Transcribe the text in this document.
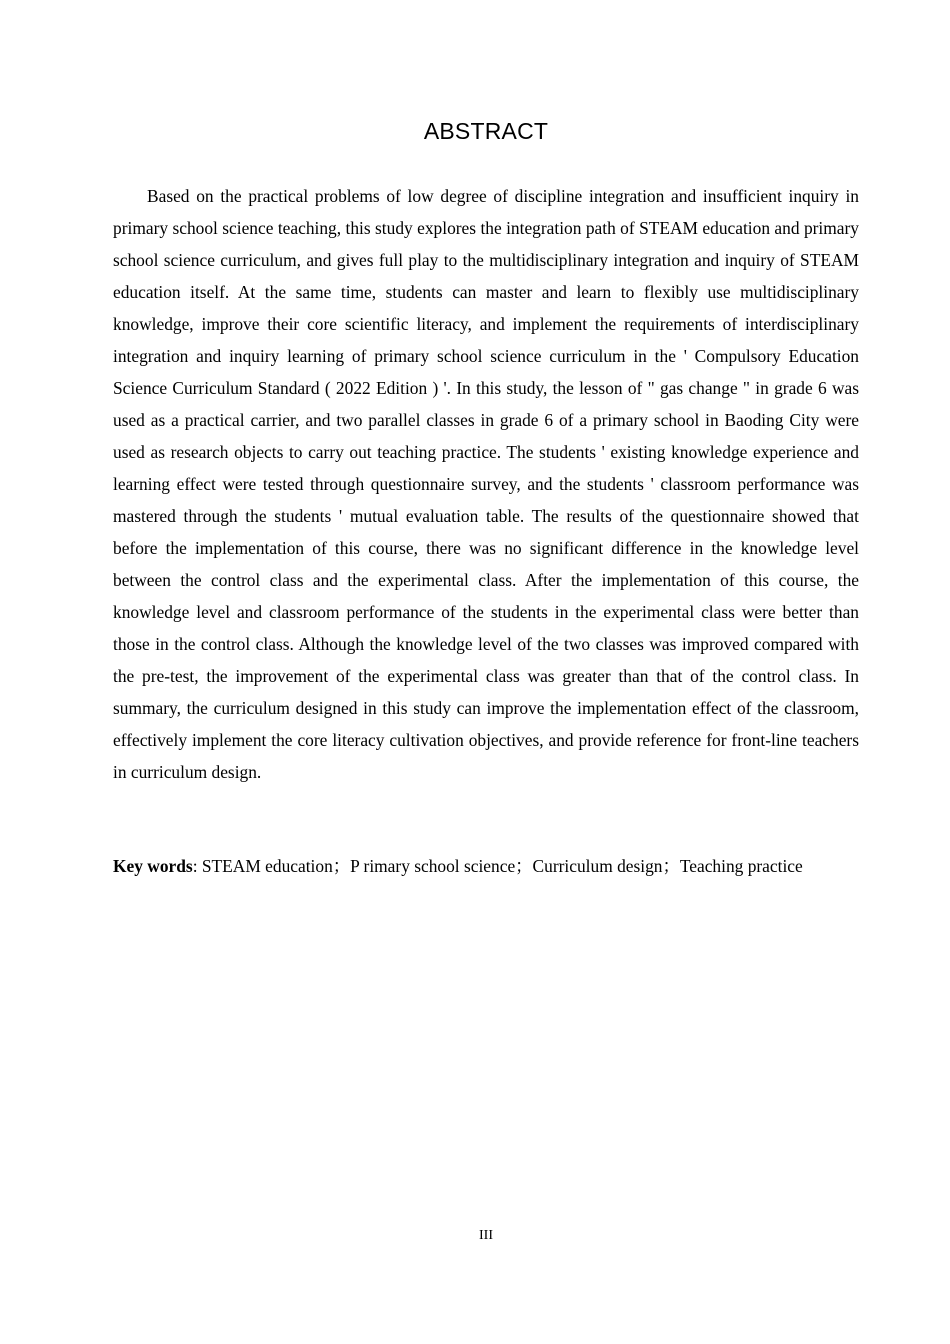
ABSTRACT

Based on the practical problems of low degree of discipline integration and insufficient inquiry in primary school science teaching, this study explores the integration path of STEAM education and primary school science curriculum, and gives full play to the multidisciplinary integration and inquiry of STEAM education itself. At the same time, students can master and learn to flexibly use multidisciplinary knowledge, improve their core scientific literacy, and implement the requirements of interdisciplinary integration and inquiry learning of primary school science curriculum in the ' Compulsory Education Science Curriculum Standard ( 2022 Edition ) '. In this study, the lesson of " gas change " in grade 6 was used as a practical carrier, and two parallel classes in grade 6 of a primary school in Baoding City were used as research objects to carry out teaching practice. The students ' existing knowledge experience and learning effect were tested through questionnaire survey, and the students ' classroom performance was mastered through the students ' mutual evaluation table. The results of the questionnaire showed that before the implementation of this course, there was no significant difference in the knowledge level between the control class and the experimental class. After the implementation of this course, the knowledge level and classroom performance of the students in the experimental class were better than those in the control class. Although the knowledge level of the two classes was improved compared with the pre-test, the improvement of the experimental class was greater than that of the control class. In summary, the curriculum designed in this study can improve the implementation effect of the classroom, effectively implement the core literacy cultivation objectives, and provide reference for front-line teachers in curriculum design.

Key words: STEAM education；P rimary school science；Curriculum design；Teaching practice

III
